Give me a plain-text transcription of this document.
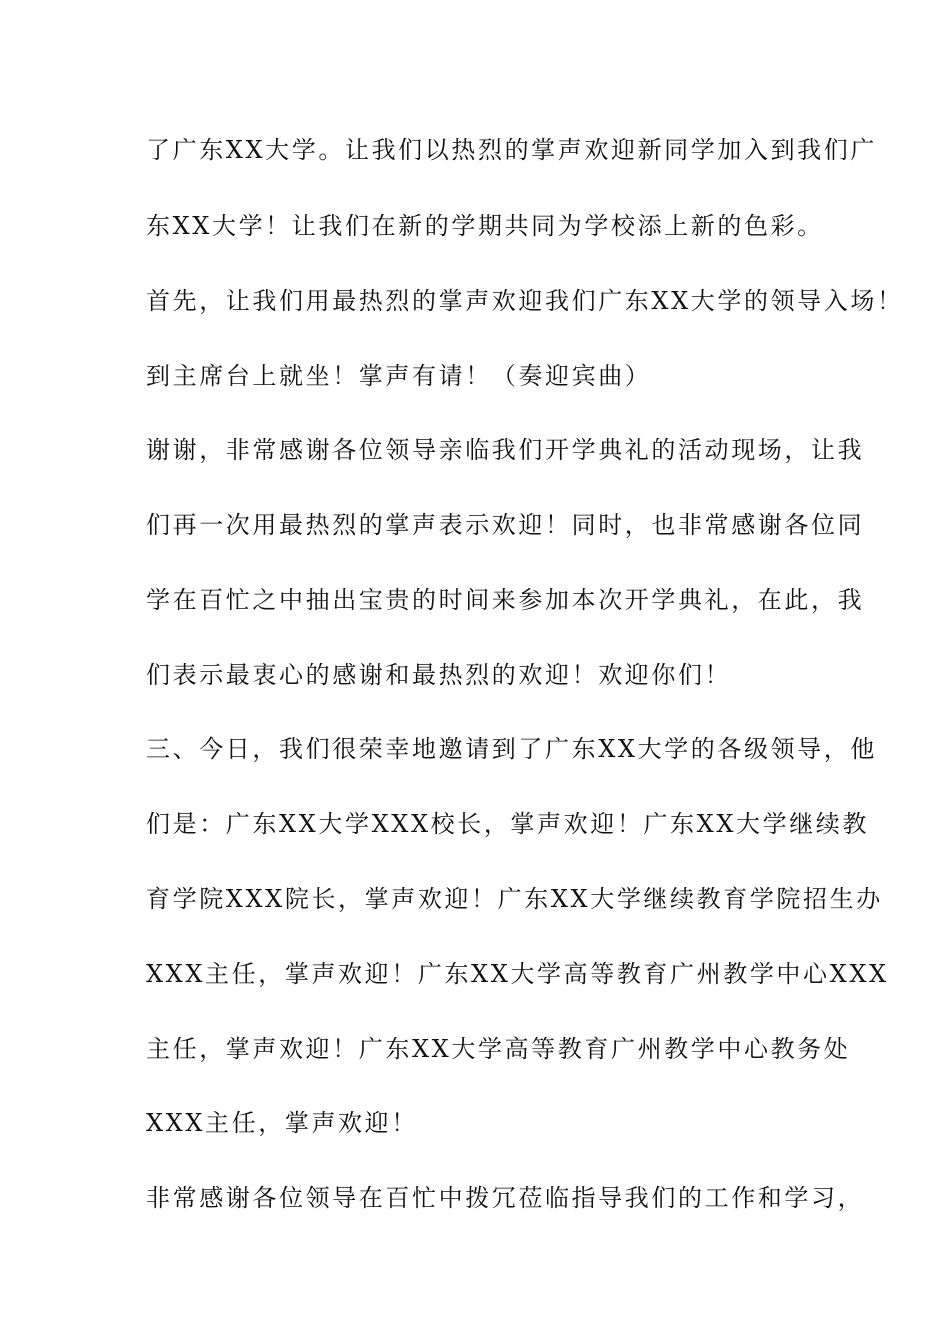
了广东XX大学。让我们以热烈的掌声欢迎新同学加入到我们广
东XX大学！让我们在新的学期共同为学校添上新的色彩。
首先，让我们用最热烈的掌声欢迎我们广东XX大学的领导入场！
到主席台上就坐！掌声有请！（奏迎宾曲）
谢谢，非常感谢各位领导亲临我们开学典礼的活动现场，让我
们再一次用最热烈的掌声表示欢迎！同时，也非常感谢各位同
学在百忙之中抽出宝贵的时间来参加本次开学典礼，在此，我
们表示最衷心的感谢和最热烈的欢迎！欢迎你们！
三、今日，我们很荣幸地邀请到了广东XX大学的各级领导，他
们是：广东XX大学XXX校长，掌声欢迎！广东XX大学继续教
育学院XXX院长，掌声欢迎！广东XX大学继续教育学院招生办
XXX主任，掌声欢迎！广东XX大学高等教育广州教学中心XXX
主任，掌声欢迎！广东XX大学高等教育广州教学中心教务处
XXX主任，掌声欢迎！
非常感谢各位领导在百忙中拨冗莅临指导我们的工作和学习，
